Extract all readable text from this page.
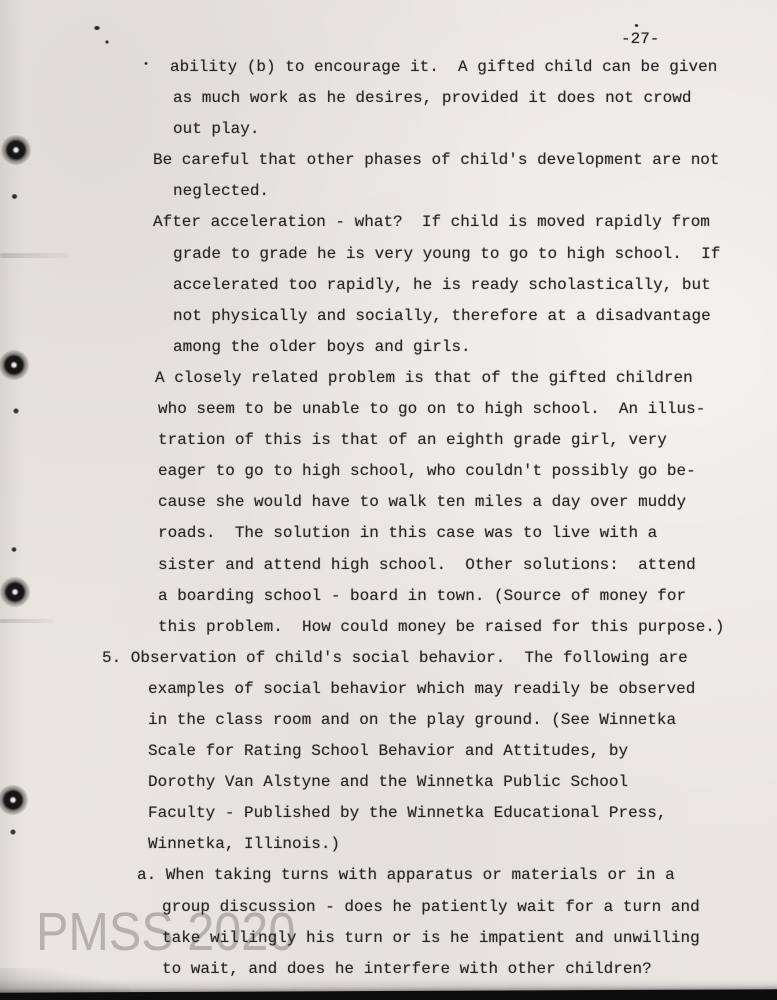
-27-
PMSS 2020
ability (b) to encourage it.  A gifted child can be given
as much work as he desires, provided it does not crowd
out play.
Be careful that other phases of child's development are not
neglected.
After acceleration - what?  If child is moved rapidly from
grade to grade he is very young to go to high school.  If
accelerated too rapidly, he is ready scholastically, but
not physically and socially, therefore at a disadvantage
among the older boys and girls.
A closely related problem is that of the gifted children
who seem to be unable to go on to high school.  An illus-
tration of this is that of an eighth grade girl, very
eager to go to high school, who couldn't possibly go be-
cause she would have to walk ten miles a day over muddy
roads.  The solution in this case was to live with a
sister and attend high school.  Other solutions:  attend
a boarding school - board in town. (Source of money for
this problem.  How could money be raised for this purpose.)
5. Observation of child's social behavior.  The following are
examples of social behavior which may readily be observed
in the class room and on the play ground. (See Winnetka
Scale for Rating School Behavior and Attitudes, by
Dorothy Van Alstyne and the Winnetka Public School
Faculty - Published by the Winnetka Educational Press,
Winnetka, Illinois.)
a. When taking turns with apparatus or materials or in a
group discussion - does he patiently wait for a turn and
take willingly his turn or is he impatient and unwilling
to wait, and does he interfere with other children?
